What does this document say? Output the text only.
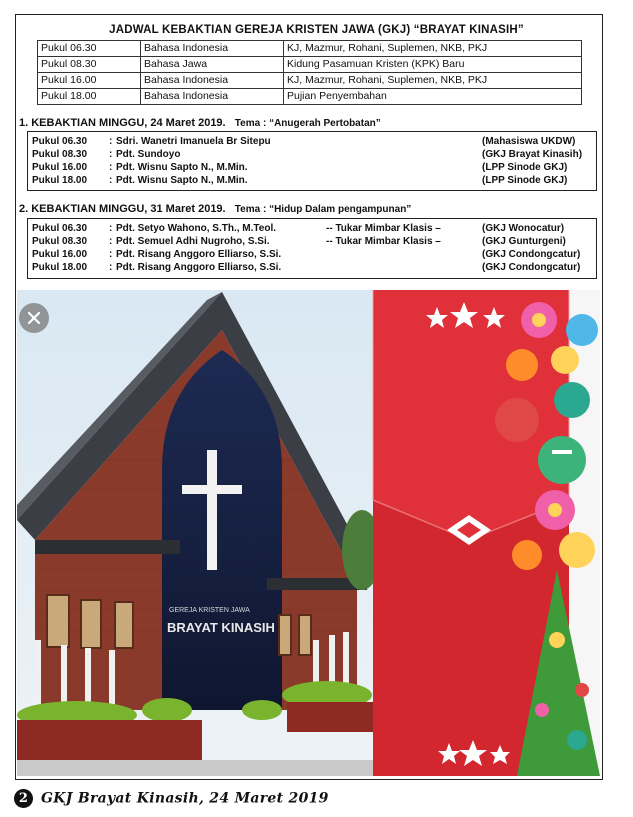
JADWAL KEBAKTIAN GEREJA KRISTEN JAWA (GKJ) “BRAYAT KINASIH”
Pukul 06.30	Bahasa Indonesia	KJ, Mazmur, Rohani, Suplemen, NKB, PKJ
Pukul 08.30	Bahasa Jawa	Kidung Pasamuan Kristen (KPK) Baru
Pukul 16.00	Bahasa Indonesia	KJ, Mazmur, Rohani, Suplemen, NKB, PKJ
Pukul 18.00	Bahasa Indonesia	Pujian Penyembahan
1. KEBAKTIAN MINGGU, 24 Maret 2019. Tema : “Anugerah Pertobatan”
Pukul 06.30 : Sdri. Wanetri Imanuela Br Sitepu	(Mahasiswa UKDW)
Pukul 08.30 : Pdt. Sundoyo	(GKJ Brayat Kinasih)
Pukul 16.00 : Pdt. Wisnu Sapto N., M.Min.	(LPP Sinode GKJ)
Pukul 18.00 : Pdt. Wisnu Sapto N., M.Min.	(LPP Sinode GKJ)
2. KEBAKTIAN MINGGU, 31 Maret 2019. Tema : “Hidup Dalam pengampunan”
Pukul 06.30 : Pdt. Setyo Wahono, S.Th., M.Teol.	-- Tukar Mimbar Klasis –	(GKJ Wonocatur)
Pukul 08.30 : Pdt. Semuel Adhi Nugroho, S.Si.	-- Tukar Mimbar Klasis –	(GKJ Gunturgeni)
Pukul 16.00 : Pdt. Risang Anggoro Elliarso, S.Si.	(GKJ Condongcatur)
Pukul 18.00 : Pdt. Risang Anggoro Elliarso, S.Si.	(GKJ Condongcatur)
GEREJA KRISTEN JAWA
BRAYAT KINASIH
2 GKJ Brayat Kinasih, 24 Maret 2019
